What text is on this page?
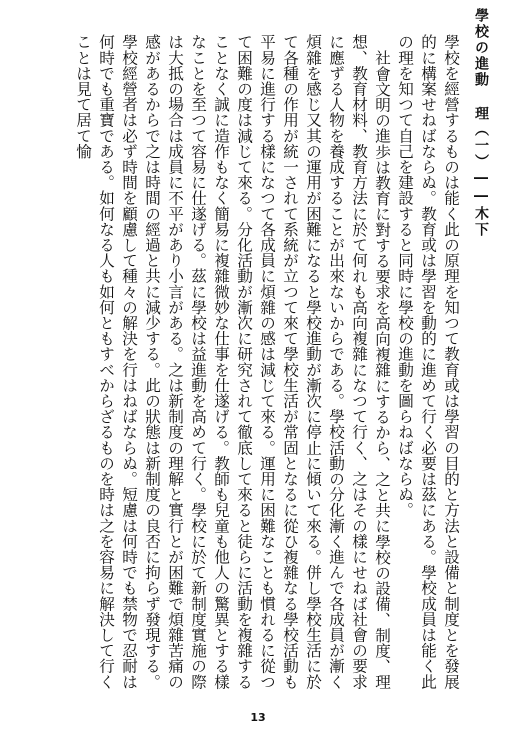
學校の進動 理（一）――木下

學校を經營するものは能く此の原理を知つて教育或は學習の目的と方法と設備と制度とを發展的に構案せねばならぬ。教育或は學習を動的に進めて行く必要は茲にある。學校成員は能く此の理を知つて自己を建設すると同時に學校の進動を圖らねばならぬ。

社會文明の進歩は教育に對する要求を高向複雜にするから、之と共に學校の設備、制度、理想、教育材料、教育方法に於て何れも高向複雜になつて行く、之はその樣にせねば社會の要求に應ずる人物を養成することが出來ないからである。學校活動の分化漸く進んで各成員が漸く煩雜を感じ又其の運用が困難になると學校進動が漸次に停止に傾いて來る。併し學校生活に於て各種の作用が統一されて系統が立つて來て學校生活が常固となるに從ひ複雜なる學校活動も平易に進行する樣になつて各成員に煩雜の感は減じて來る。運用に困難なことも慣れるに從つて困難の度は減じて來る。分化活動が漸次に研究されて徹底して來ると徒らに活動を複雜することなく誠に造作もなく簡易に複雜微妙な仕事を仕遂げる。教師も兒童も他人の驚異とする樣なことを至つて容易に仕遂げる。茲に學校は益進動を高めて行く。學校に於て新制度實施の際は大抵の場合は成員に不平があり小言がある。之は新制度の理解と實行とが困難で煩雜苦痛の感があるからで之は時間の經過と共に減少する。此の狀態は新制度の良否に拘らず發現する。學校經營者は必ず時間を顧慮して種々の解決を行はねばならぬ。短慮は何時でも禁物で忍耐は何時でも重寶である。如何なる人も如何ともすべからざるものを時は之を容易に解決して行くことは見て居て愉

13
